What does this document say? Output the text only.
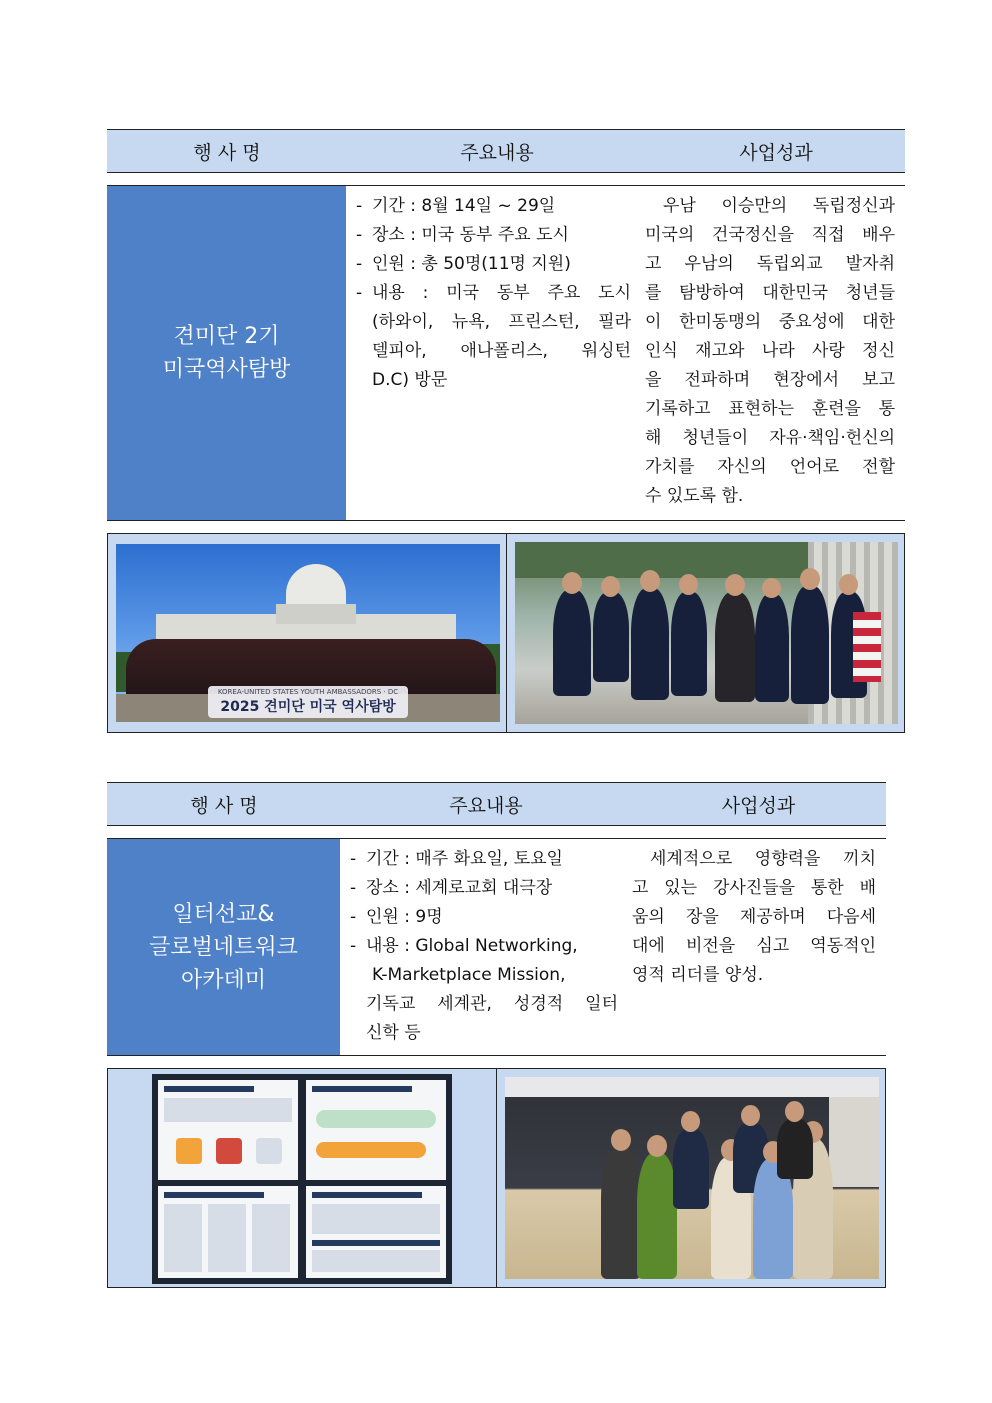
행 사 명	주요내용	사업성과
견미단 2기
미국역사탐방
- 기간 : 8월 14일 ~ 29일
- 장소 : 미국 동부 주요 도시
- 인원 : 총 50명(11명 지원)
- 내용 : 미국 동부 주요 도시
(하와이, 뉴욕, 프린스턴, 필라
델피아, 애나폴리스, 워싱턴
D.C) 방문
우남 이승만의 독립정신과
미국의 건국정신을 직접 배우
고 우남의 독립외교 발자취
를 탐방하여 대한민국 청년들
이 한미동맹의 중요성에 대한
인식 재고와 나라 사랑 정신
을 전파하며 현장에서 보고
기록하고 표현하는 훈련을 통
해 청년들이 자유·책임·헌신의
가치를 자신의 언어로 전할
수 있도록 함.
KOREA-UNITED STATES YOUTH AMBASSADORS · DC
2025 견미단 미국 역사탐방
행 사 명	주요내용	사업성과
일터선교&
글로벌네트워크
아카데미
- 기간 : 매주 화요일, 토요일
- 장소 : 세계로교회 대극장
- 인원 : 9명
- 내용 : Global Networking,
K-Marketplace Mission,
기독교 세계관, 성경적 일터
신학 등
세계적으로 영향력을 끼치
고 있는 강사진들을 통한 배
움의 장을 제공하며 다음세
대에 비전을 심고 역동적인
영적 리더를 양성.
